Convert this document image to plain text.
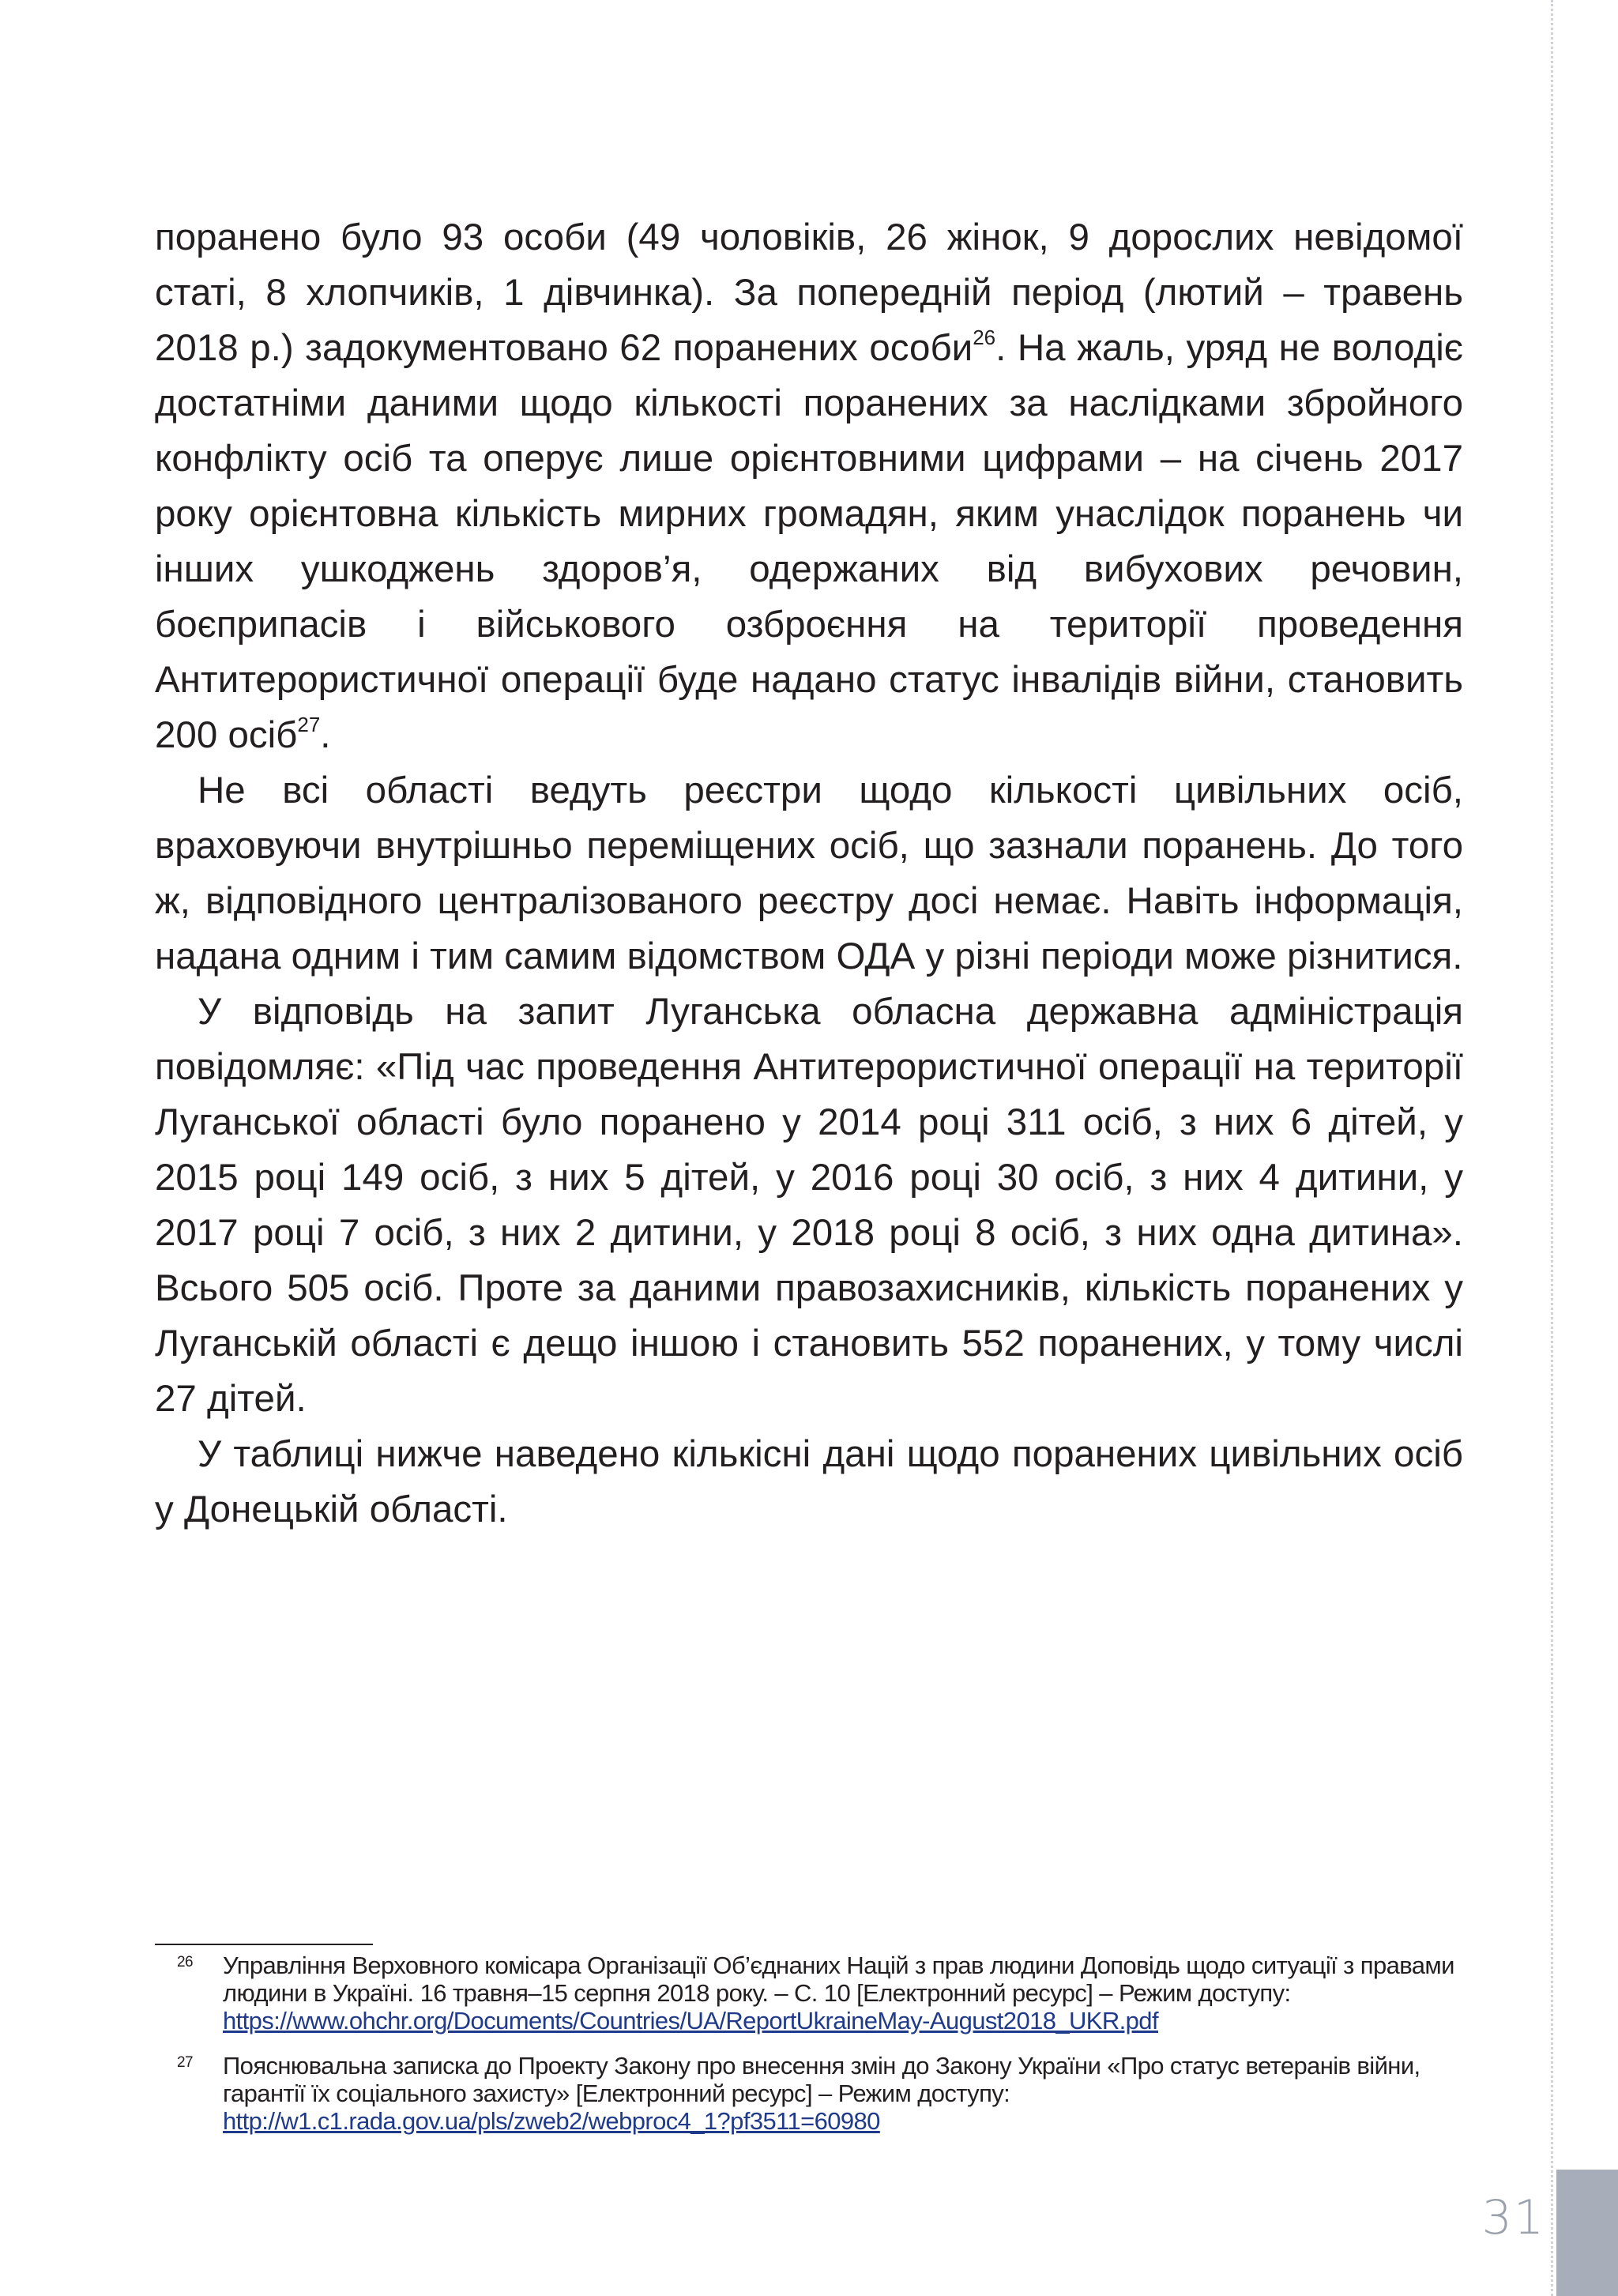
31

поранено було 93 особи (49 чоловіків, 26 жінок, 9 дорослих невідомої статі, 8 хлопчиків, 1 дівчинка). За попередній період (лютий – травень 2018 р.) задокументовано 62 поранених особи$^{26}$. На жаль, уряд не володіє достатніми даними щодо кількості поранених за наслідками збройного конфлікту осіб та оперує лише орієнтовними цифрами – на січень 2017 року орієнтовна кількість мирних громадян, яким унаслідок поранень чи інших ушкоджень здоров’я, одержаних від вибухових речовин, боєприпасів і військового озброєння на території проведення Антитерористичної операції буде надано статус інвалідів війни, становить 200 осіб$^{27}$.

Не всі області ведуть реєстри щодо кількості цивільних осіб, враховуючи внутрішньо переміщених осіб, що зазнали поранень. До того ж, відповідного централізованого реєстру досі немає. Навіть інформація, надана одним і тим самим відомством ОДА у різні періоди може різнитися.

У відповідь на запит Луганська обласна державна адміністрація повідомляє: «Під час проведення Антитерористичної операції на території Луганської області було поранено у 2014 році 311 осіб, з них 6 дітей, у 2015 році 149 осіб, з них 5 дітей, у 2016 році 30 осіб, з них 4 дитини, у 2017 році 7 осіб, з них 2 дитини, у 2018 році 8 осіб, з них одна дитина». Всього 505 осіб. Проте за даними правозахисників, кількість поранених у Луганській області є дещо іншою і становить 552 поранених, у тому числі 27 дітей.

У таблиці нижче наведено кількісні дані щодо поранених цивільних осіб у Донецькій області.

26 Управління Верховного комісара Організації Об’єднаних Націй з прав людини Доповідь щодо ситуації з правами людини в Україні. 16 травня–15 серпня 2018 року. – С. 10 [Електронний ресурс] – Режим доступу: https://www.ohchr.org/Documents/Countries/UA/ReportUkraineMay-August2018_UKR.pdf
27 Пояснювальна записка до Проекту Закону про внесення змін до Закону України «Про статус ветеранів війни, гарантії їх соціального захисту» [Електронний ресурс] – Режим доступу: http://w1.c1.rada.gov.ua/pls/zweb2/webproc4_1?pf3511=60980
